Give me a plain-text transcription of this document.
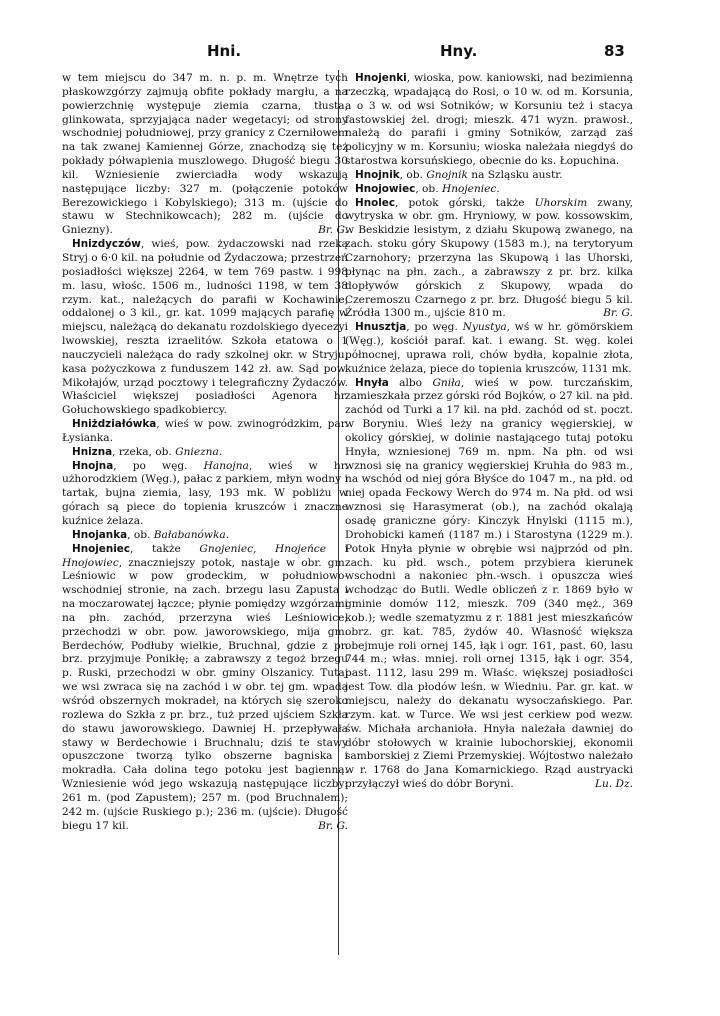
Hni.	Hny.	83

w tem miejscu do 347 m. n. p. m. Wnętrze tych płaskowzgórzy zajmują obfite pokłady margłu, a na powierzchnię występuje ziemia czarna, tłusta, glinkowata, sprzyjająca nader wegetacyi; od strony wschodniej południowej, przy granicy z Czerniłowem na tak zwanej Kamiennej Górze, znachodzą się też pokłady półwapienia muszlowego. Długość biegu 30 kil. Wzniesienie zwierciadła wody wskazują następujące liczby: 327 m. (połączenie potoków Berezowickiego i Kobylskiego); 313 m. (ujście do stawu w Stechnikowcach); 282 m. (ujście do Gniezny).	Br. G.

Hnizdyczów, wieś, pow. żydaczowski nad rzeką Stryj o 6·0 kil. na południe od Żydaczowa; przestrzeń posiadłości większej 2264, w tem 769 pastw. i 998 m. lasu, włośc. 1506 m., ludności 1198, w tem 38 rzym. kat., należących do parafii w Kochawinie, oddalonej o 3 kil., gr. kat. 1099 mających parafię w miejscu, należącą do dekanatu rozdolskiego dyecezyi lwowskiej, reszta izraelitów. Szkoła etatowa o 1 nauczycieli należąca do rady szkolnej okr. w Stryju, kasa pożyczkowa z funduszem 142 zł. aw. Sąd pow. Mikołajów, urząd pocztowy i telegraficzny Żydaczów. Właściciel większej posiadłości Agenora hr. Gołuchowskiego spadkobiercy.

Hniżdziałówka, wieś w pow. zwinogródzkim, par. Łysianka.

Hnizna, rzeka, ob. Gniezna.

Hnojna, po węg. Hanojna, wieś w hr. użhorodzkiem (Węg.), pałac z parkiem, młyn wodny i tartak, bujna ziemia, lasy, 193 mk. W pobliżu w górach są piece do topienia kruszców i znaczne kuźnice żelaza.

Hnojanka, ob. Bałabanówka.

Hnojeniec, także Gnojeniec, Hnojeńce i Hnojowiec, znaczniejszy potok, nastaje w obr. gm. Leśniowic w pow grodeckim, w południowo-wschodniej stronie, na zach. brzegu lasu Zapusta i na moczarowatej łączce; płynie pomiędzy wzgórzami na płn. zachód, przerzyna wieś Leśniowice; przechodzi w obr. pow. jaworowskiego, mija gm. Berdechów, Podłuby wielkie, Bruchnal, gdzie z pr. brz. przyjmuje Ponikłę; a zabrawszy z tegoż brzegu p. Ruski, przechodzi w obr. gminy Olszanicy. Tutaj we wsi zwraca się na zachód i w obr. tej gm. wpada wśród obszernych mokradeł, na których się szeroko rozlewa do Szkła z pr. brz., tuż przed ujściem Szkła do stawu jaworowskiego. Dawniej H. przepływała stawy w Berdechowie i Bruchnalu; dziś te stawy opuszczone tworzą tylko obszerne bagniska i mokradła. Cała dolina tego potoku jest bagienną. Wzniesienie wód jego wskazują następujące liczby: 261 m. (pod Zapustem); 257 m. (pod Bruchnalem); 242 m. (ujście Ruskiego p.); 236 m. (ujście). Długość biegu 17 kil.	Br. G.

Hnojenki, wioska, pow. kaniowski, nad bezimienną rzeczką, wpadającą do Rosi, o 10 w. od m. Korsunia, a o 3 w. od wsi Sotników; w Korsuniu też i stacya fastowskiej żel. drogi; mieszk. 471 wyzn. prawosł., należą do parafii i gminy Sotników, zarząd zaś policyjny w m. Korsuniu; wioska należała niegdyś do starostwa korsuńskiego, obecnie do ks. Łopuchina.

Hnojnik, ob. Gnojnik na Szląsku austr.

Hnojowiec, ob. Hnojeniec.

Hnolec, potok górski, także Uhorskim zwany, wytryska w obr. gm. Hryniowy, w pow. kossowskim, w Beskidzie lesistym, z działu Skupową zwanego, na zach. stoku góry Skupowy (1583 m.), na terytoryum Czarnohory; przerzyna las Skupową i las Uhorski, płynąc na płn. zach., a zabrawszy z pr. brz. kilka dopływów górskich z Skupowy, wpada do Czeremoszu Czarnego z pr. brz. Długość biegu 5 kil. Źródła 1300 m., ujście 810 m.	Br. G.

Hnusztja, po węg. Nyustya, wś w hr. gömörskiem (Węg.), kościół paraf. kat. i ewang. St. węg. kolei północnej, uprawa roli, chów bydła, kopalnie złota, kuźnice żelaza, piece do topienia kruszców, 1131 mk.

Hnyła albo Gniła, wieś w pow. turczańskim, zamieszkała przez górski ród Bojków, o 27 kil. na płd. zachód od Turki a 17 kil. na płd. zachód od st. poczt. w Boryniu. Wieś leży na granicy węgierskiej, w okolicy górskiej, w dolinie nastającego tutaj potoku Hnyła, wzniesionej 769 m. npm. Na płn. od wsi wznosi się na granicy węgierskiej Kruhła do 983 m., na wschód od niej góra Błyśce do 1047 m., na płd. od niej opada Feckowy Werch do 974 m. Na płd. od wsi wznosi się Harasymerat (ob.), na zachód okalają osadę graniczne góry: Kinczyk Hnylski (1115 m.), Drohobicki kameń (1187 m.) i Starostyna (1229 m.). Potok Hnyła płynie w obrębie wsi najprzód od płn. zach. ku płd. wsch., potem przybiera kierunek wschodni a nakoniec płn.-wsch. i opuszcza wieś wchodząc do Butli. Wedle obliczeń z r. 1869 było w gminie domów 112, mieszk. 709 (340 męż., 369 kob.); wedle szematyzmu z r. 1881 jest mieszkańców obrz. gr. kat. 785, żydów 40. Własność większa obejmuje roli ornej 145, łąk i ogr. 161, past. 60, lasu 744 m.; włas. mniej. roli ornej 1315, łąk i ogr. 354, past. 1112, lasu 299 m. Właśc. większej posiadłości jest Tow. dla płodów leśn. w Wiedniu. Par. gr. kat. w miejscu, należy do dekanatu wysoczańskiego. Par. rzym. kat. w Turce. We wsi jest cerkiew pod wezw. św. Michała archanioła. Hnyła należała dawniej do dóbr stołowych w krainie lubochorskiej, ekonomii samborskiej z Ziemi Przemyskiej. Wójtostwo należało w r. 1768 do Jana Komarnickiego. Rząd austryacki przyłączył wieś do dóbr Boryni.	Lu. Dz.
